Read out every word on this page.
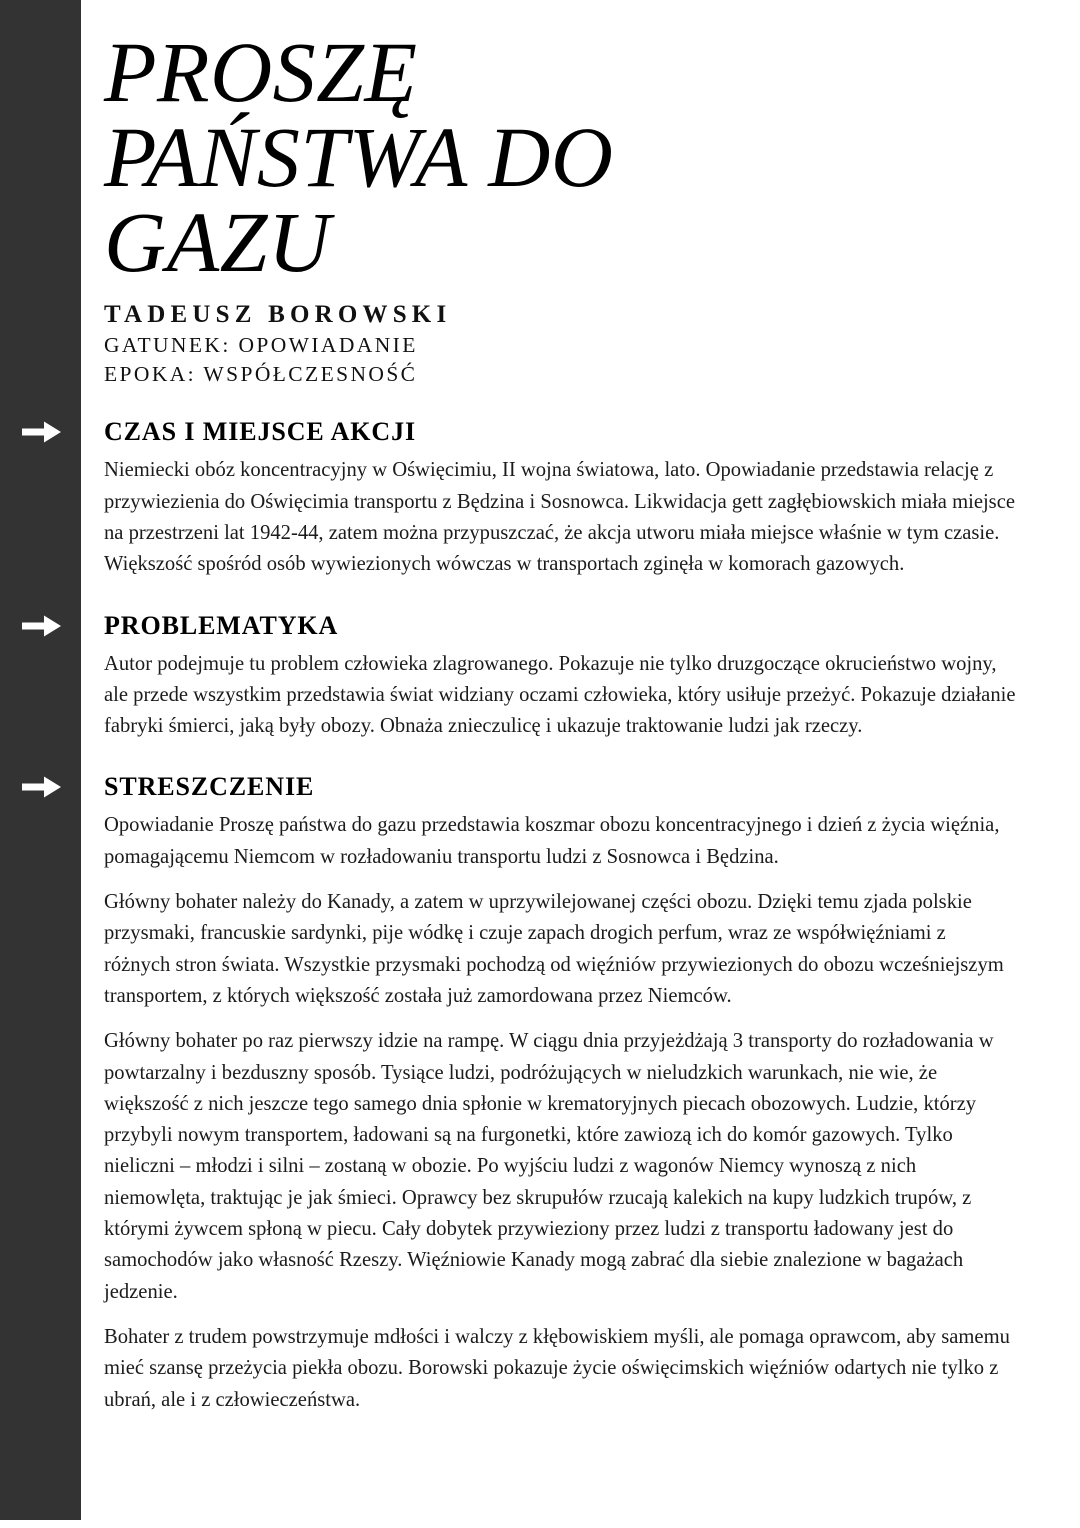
PROSZĘ PAŃSTWA DO GAZU
TADEUSZ BOROWSKI
GATUNEK: OPOWIADANIE
EPOKA: WSPÓŁCZESNOŚĆ
CZAS I MIEJSCE AKCJI

Niemiecki obóz koncentracyjny w Oświęcimiu, II wojna światowa, lato. Opowiadanie przedstawia relację z przywiezienia do Oświęcimia transportu z Będzina i Sosnowca. Likwidacja gett zagłębiowskich miała miejsce na przestrzeni lat 1942-44, zatem można przypuszczać, że akcja utworu miała miejsce właśnie w tym czasie. Większość spośród osób wywiezionych wówczas w transportach zginęła w komorach gazowych.

PROBLEMATYKA

Autor podejmuje tu problem człowieka zlagrowanego. Pokazuje nie tylko druzgoczące okrucieństwo wojny, ale przede wszystkim przedstawia świat widziany oczami człowieka, który usiłuje przeżyć. Pokazuje działanie fabryki śmierci, jaką były obozy. Obnaża znieczulicę i ukazuje traktowanie ludzi jak rzeczy.

STRESZCZENIE

Opowiadanie Proszę państwa do gazu przedstawia koszmar obozu koncentracyjnego i dzień z życia więźnia, pomagającemu Niemcom w rozładowaniu transportu ludzi z Sosnowca i Będzina.

Główny bohater należy do Kanady, a zatem w uprzywilejowanej części obozu. Dzięki temu zjada polskie przysmaki, francuskie sardynki, pije wódkę i czuje zapach drogich perfum, wraz ze współwięźniami z różnych stron świata. Wszystkie przysmaki pochodzą od więźniów przywiezionych do obozu wcześniejszym transportem, z których większość została już zamordowana przez Niemców.

Główny bohater po raz pierwszy idzie na rampę. W ciągu dnia przyjeżdżają 3 transporty do rozładowania w powtarzalny i bezduszny sposób. Tysiące ludzi, podróżujących w nieludzkich warunkach, nie wie, że większość z nich jeszcze tego samego dnia spłonie w krematoryjnych piecach obozowych. Ludzie, którzy przybyli nowym transportem, ładowani są na furgonetki, które zawiozą ich do komór gazowych. Tylko nieliczni – młodzi i silni – zostaną w obozie. Po wyjściu ludzi z wagonów Niemcy wynoszą z nich niemowlęta, traktując je jak śmieci. Oprawcy bez skrupułów rzucają kalekich na kupy ludzkich trupów, z którymi żywcem spłoną w piecu. Cały dobytek przywieziony przez ludzi z transportu ładowany jest do samochodów jako własność Rzeszy. Więźniowie Kanady mogą zabrać dla siebie znalezione w bagażach jedzenie.

Bohater z trudem powstrzymuje mdłości i walczy z kłębowiskiem myśli, ale pomaga oprawcom, aby samemu mieć szansę przeżycia piekła obozu. Borowski pokazuje życie oświęcimskich więźniów odartych nie tylko z ubrań, ale i z człowieczeństwa.
